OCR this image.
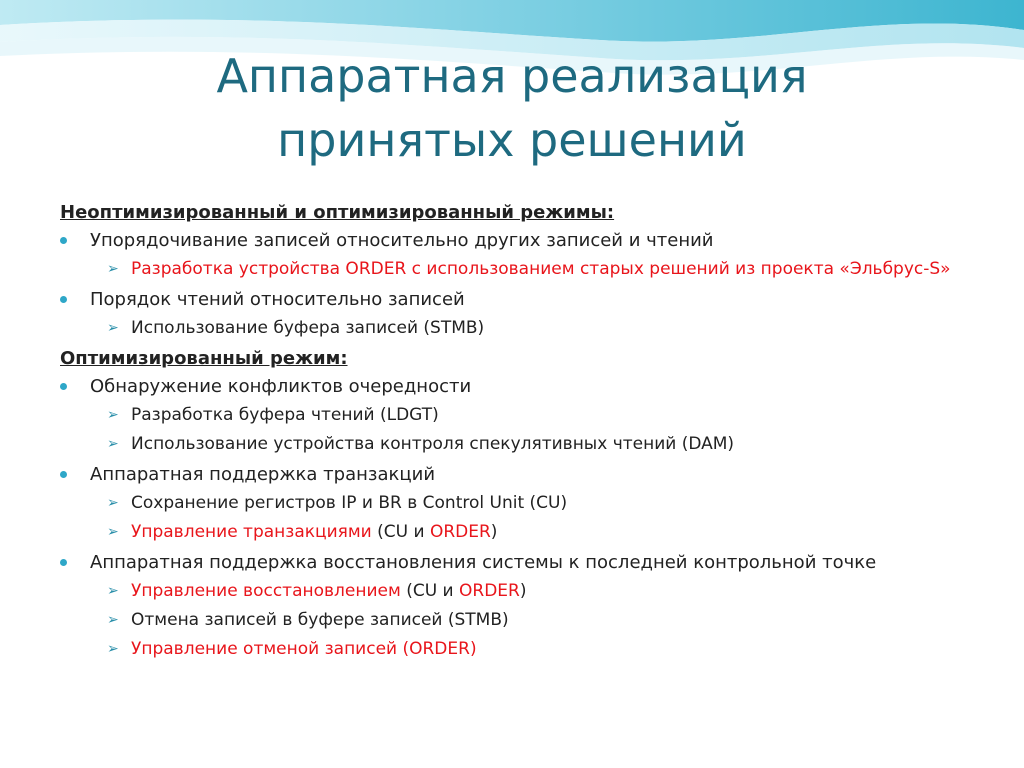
Аппаратная реализация
принятых решений
Неоптимизированный и оптимизированный режимы:
Упорядочивание записей относительно других записей и чтений
➢ Разработка устройства ORDER с использованием старых решений из проекта «Эльбрус-S»
Порядок чтений относительно записей
➢ Использование буфера записей (STMB)
Оптимизированный режим:
Обнаружение конфликтов очередности
➢ Разработка буфера чтений (LDGT)
➢ Использование устройства контроля спекулятивных чтений (DAM)
Аппаратная поддержка транзакций
➢ Сохранение регистров IP и BR в Control Unit (CU)
➢ Управление транзакциями (CU и ORDER)
Аппаратная поддержка восстановления системы к последней контрольной точке
➢ Управление восстановлением (CU и ORDER)
➢ Отмена записей в буфере записей (STMB)
➢ Управление отменой записей (ORDER)
